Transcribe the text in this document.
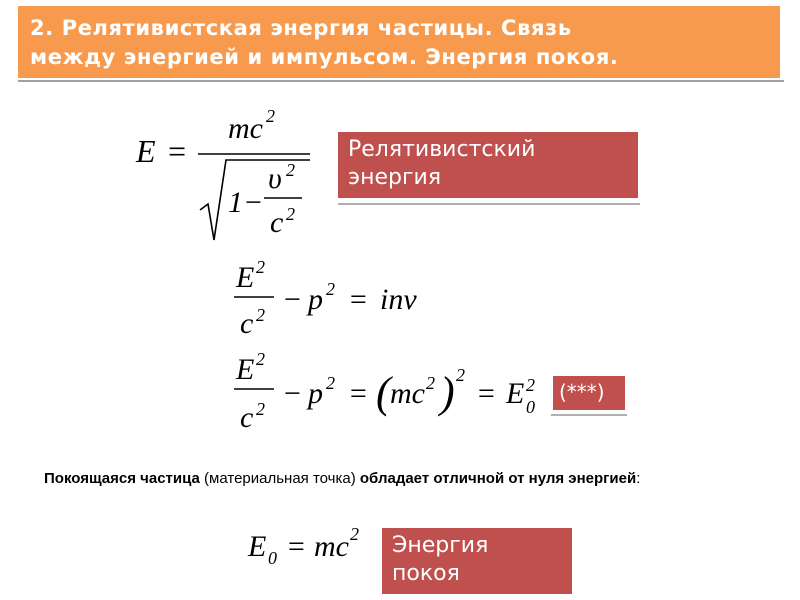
2. Релятивистская энергия частицы. Связь
между энергией и импульсом. Энергия покоя.
E =
mc 2
1−
υ 2
c 2
Релятивистский
энергия
E 2
c 2 − p 2 = inv
E 2
c 2 − p 2 = ( mc 2 ) 2
= E 2
0
(***)
Покоящаяся частица (материальная точка) обладает отличной от нуля энергией:
E 0 = mc 2 Энергия
покоя
